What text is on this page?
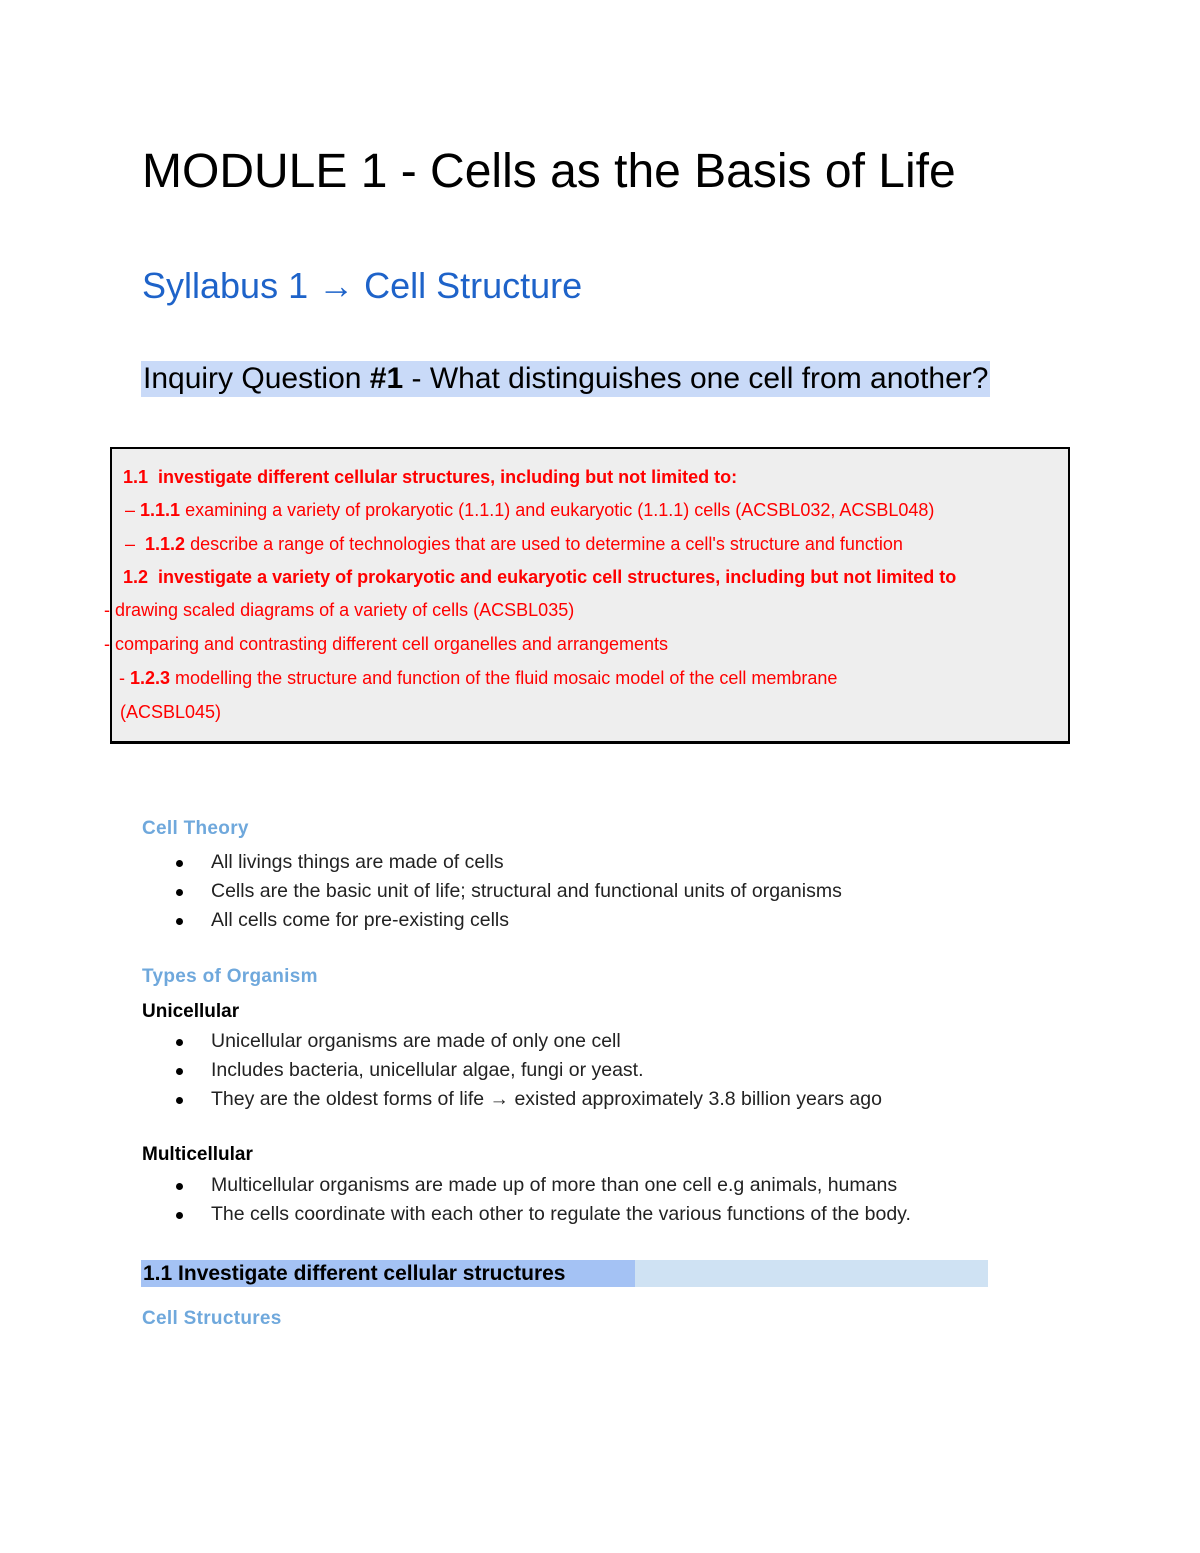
MODULE 1 - Cells as the Basis of Life
Syllabus 1 → Cell Structure
Inquiry Question #1 - What distinguishes one cell from another?
1.1  investigate different cellular structures, including but not limited to:
– 1.1.1 examining a variety of prokaryotic (1.1.1) and eukaryotic (1.1.1) cells (ACSBL032, ACSBL048)
–  1.1.2 describe a range of technologies that are used to determine a cell's structure and function
1.2  investigate a variety of prokaryotic and eukaryotic cell structures, including but not limited to
- drawing scaled diagrams of a variety of cells (ACSBL035)
- comparing and contrasting different cell organelles and arrangements
- 1.2.3 modelling the structure and function of the fluid mosaic model of the cell membrane
(ACSBL045)
Cell Theory
All livings things are made of cells
Cells are the basic unit of life; structural and functional units of organisms
All cells come for pre-existing cells
Types of Organism
Unicellular
Unicellular organisms are made of only one cell
Includes bacteria, unicellular algae, fungi or yeast.
They are the oldest forms of life → existed approximately 3.8 billion years ago
Multicellular
Multicellular organisms are made up of more than one cell e.g animals, humans
The cells coordinate with each other to regulate the various functions of the body.
1.1 Investigate different cellular structures
Cell Structures
